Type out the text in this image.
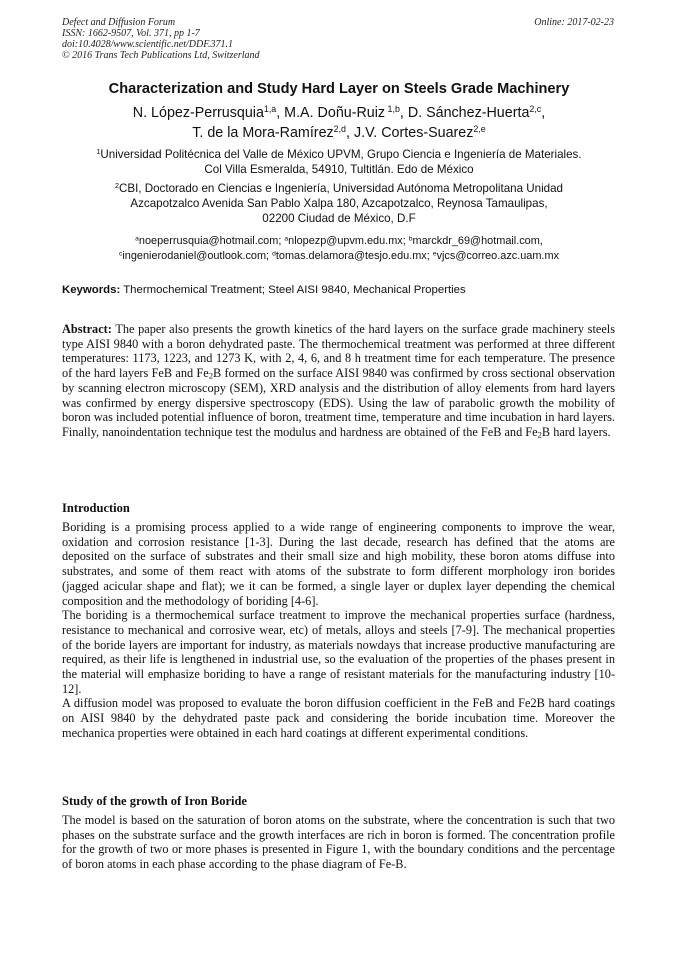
Defect and Diffusion Forum
ISSN: 1662-9507, Vol. 371, pp 1-7
doi:10.4028/www.scientific.net/DDF.371.1
© 2016 Trans Tech Publications Ltd, Switzerland
Online: 2017-02-23
Characterization and Study Hard Layer on Steels Grade Machinery
N. López-Perrusquia$^{1,a}$, M.A. Doñu-Ruiz $^{1,b}$, D. Sánchez-Huerta$^{2,c}$,
T. de la Mora-Ramírez$^{2,d}$, J.V. Cortes-Suarez$^{2,e}$
$^1$Universidad Politécnica del Valle de México UPVM, Grupo Ciencia e Ingeniería de Materiales.
Col Villa Esmeralda, 54910, Tultitlán. Edo de México
$^2$CBI, Doctorado en Ciencias e Ingeniería, Universidad Autónoma Metropolitana Unidad
Azcapotzalco Avenida San Pablo Xalpa 180, Azcapotzalco, Reynosa Tamaulipas,
02200 Ciudad de México, D.F
$^a$noeperrusquia@hotmail.com; $^a$nlopezp@upvm.edu.mx; $^b$marckdr_69@hotmail.com,
$^c$ingenierodaniel@outlook.com; $^d$tomas.delamora@tesjo.edu.mx; $^e$vjcs@correo.azc.uam.mx
Keywords: Thermochemical Treatment; Steel AISI 9840, Mechanical Properties

Abstract: The paper also presents the growth kinetics of the hard layers on the surface grade machinery steels type AISI 9840 with a boron dehydrated paste. The thermochemical treatment was performed at three different temperatures: 1173, 1223, and 1273 K, with 2, 4, 6, and 8 h treatment time for each temperature. The presence of the hard layers FeB and $Fe_2B$ formed on the surface AISI 9840 was confirmed by cross sectional observation by scanning electron microscopy (SEM), XRD analysis and the distribution of alloy elements from hard layers was confirmed by energy dispersive spectroscopy (EDS). Using the law of parabolic growth the mobility of boron was included potential influence of boron, treatment time, temperature and time incubation in hard layers. Finally, nanoindentation technique test the modulus and hardness are obtained of the FeB and $Fe_2B$ hard layers.

Introduction

Boriding is a promising process applied to a wide range of engineering components to improve the wear, oxidation and corrosion resistance [1-3]. During the last decade, research has defined that the atoms are deposited on the surface of substrates and their small size and high mobility, these boron atoms diffuse into substrates, and some of them react with atoms of the substrate to form different morphology iron borides (jagged acicular shape and flat); we it can be formed, a single layer or duplex layer depending the chemical composition and the methodology of boriding [4-6].

The boriding is a thermochemical surface treatment to improve the mechanical properties surface (hardness, resistance to mechanical and corrosive wear, etc) of metals, alloys and steels [7-9]. The mechanical properties of the boride layers are important for industry, as materials nowdays that increase productive manufacturing are required, as their life is lengthened in industrial use, so the evaluation of the properties of the phases present in the material will emphasize boriding to have a range of resistant materials for the manufacturing industry [10-12].

A diffusion model was proposed to evaluate the boron diffusion coefficient in the FeB and Fe2B hard coatings on AISI 9840 by the dehydrated paste pack and considering the boride incubation time. Moreover the mechanica properties were obtained in each hard coatings at different experimental conditions.

Study of the growth of Iron Boride

The model is based on the saturation of boron atoms on the substrate, where the concentration is such that two phases on the substrate surface and the growth interfaces are rich in boron is formed. The concentration profile for the growth of two or more phases is presented in Figure 1, with the boundary conditions and the percentage of boron atoms in each phase according to the phase diagram of Fe-B.
